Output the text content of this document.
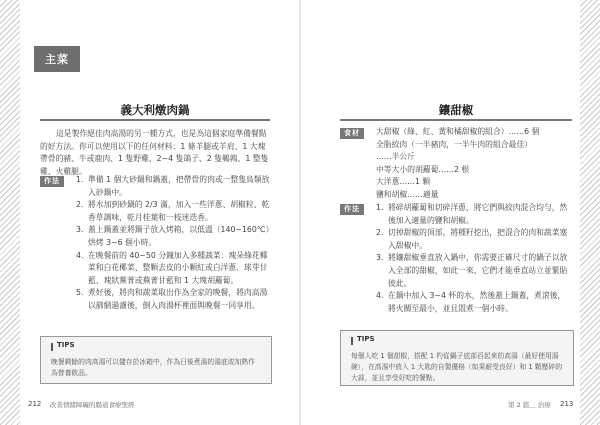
主菜
義大利燉肉鍋
這是製作絕佳肉高湯的另一種方式，也是為這個家庭準備餐點的好方法。你可以使用以下的任何材料：1 條羊腿或羊肩、1 大塊帶骨的豬、牛或鹿肉、1 隻野雞、2~4 隻鴿子、2 隻鵪鶉、1 整隻雞、火雞腿。
作法	1. 準備 1 個大砂鍋和鍋蓋，把帶骨的肉或一整隻鳥類放入砂鍋中。
2. 將水加到砂鍋的 2/3 滿，加入一些洋蔥、胡椒粒、乾香草調味，乾月桂葉和一枝迷迭香。
3. 蓋上鍋蓋並將鍋子放入烤箱，以低溫（140~160℃）烘烤 3~6 個小時。
4. 在晚餐前的 40~50 分鐘加入多種蔬菜：塊朵綠花椰菜和白花椰菜、整顆去皮的小顆紅或白洋蔥、球芽甘藍、塊狀蕪菁或蕪菁甘藍和 1 大塊胡蘿蔔。
5. 煮好後，將肉和蔬菜取出作為全家的晚餐，將肉高湯以篩網過濾後，倒入肉湯杯裡面與晚餐一同享用。
TIPS
晚餐剩餘的肉高湯可以儲存於冰箱中，作為日後煮湯的湯底或加熱作為營養飲品。
212 改善情緒障礙的腸道食療聖經
鑲甜椒
食材	大甜椒（綠、紅、黃和橘甜椒的組合）……6 個
全脂絞肉（一半豬肉，一半牛肉的組合最佳）
……半公斤
中等大小的胡蘿蔔……2 根
大洋蔥……1 顆
鹽和胡椒……適量
作法	1. 將碎胡蘿蔔和切碎洋蔥，將它們與絞肉混合均勻，然後加入適量的鹽和胡椒。
2. 切掉甜椒的頂部，將種籽挖出，把混合的肉和蔬菜塞入甜椒中。
3. 將鑲甜椒垂直放入鍋中，你需要正確尺寸的鍋子以放入全部的甜椒，如此一來，它們才能垂直站立並緊貼彼此。
4. 在鍋中加入 3~4 杯的水，然後蓋上鍋蓋，煮滾後，將火關至最小，並且悶煮一個小時。
TIPS
每個人吃 1 個甜椒，搭配 1 杓從鍋子底部舀起來的高湯（最好使用湯碗），在高湯中放入 1 大匙的自製優格（如果耐受良好）和 1 顆壓碎的大蒜，並且享受好吃的餐點。
第 2 篇＿ 治療 213
